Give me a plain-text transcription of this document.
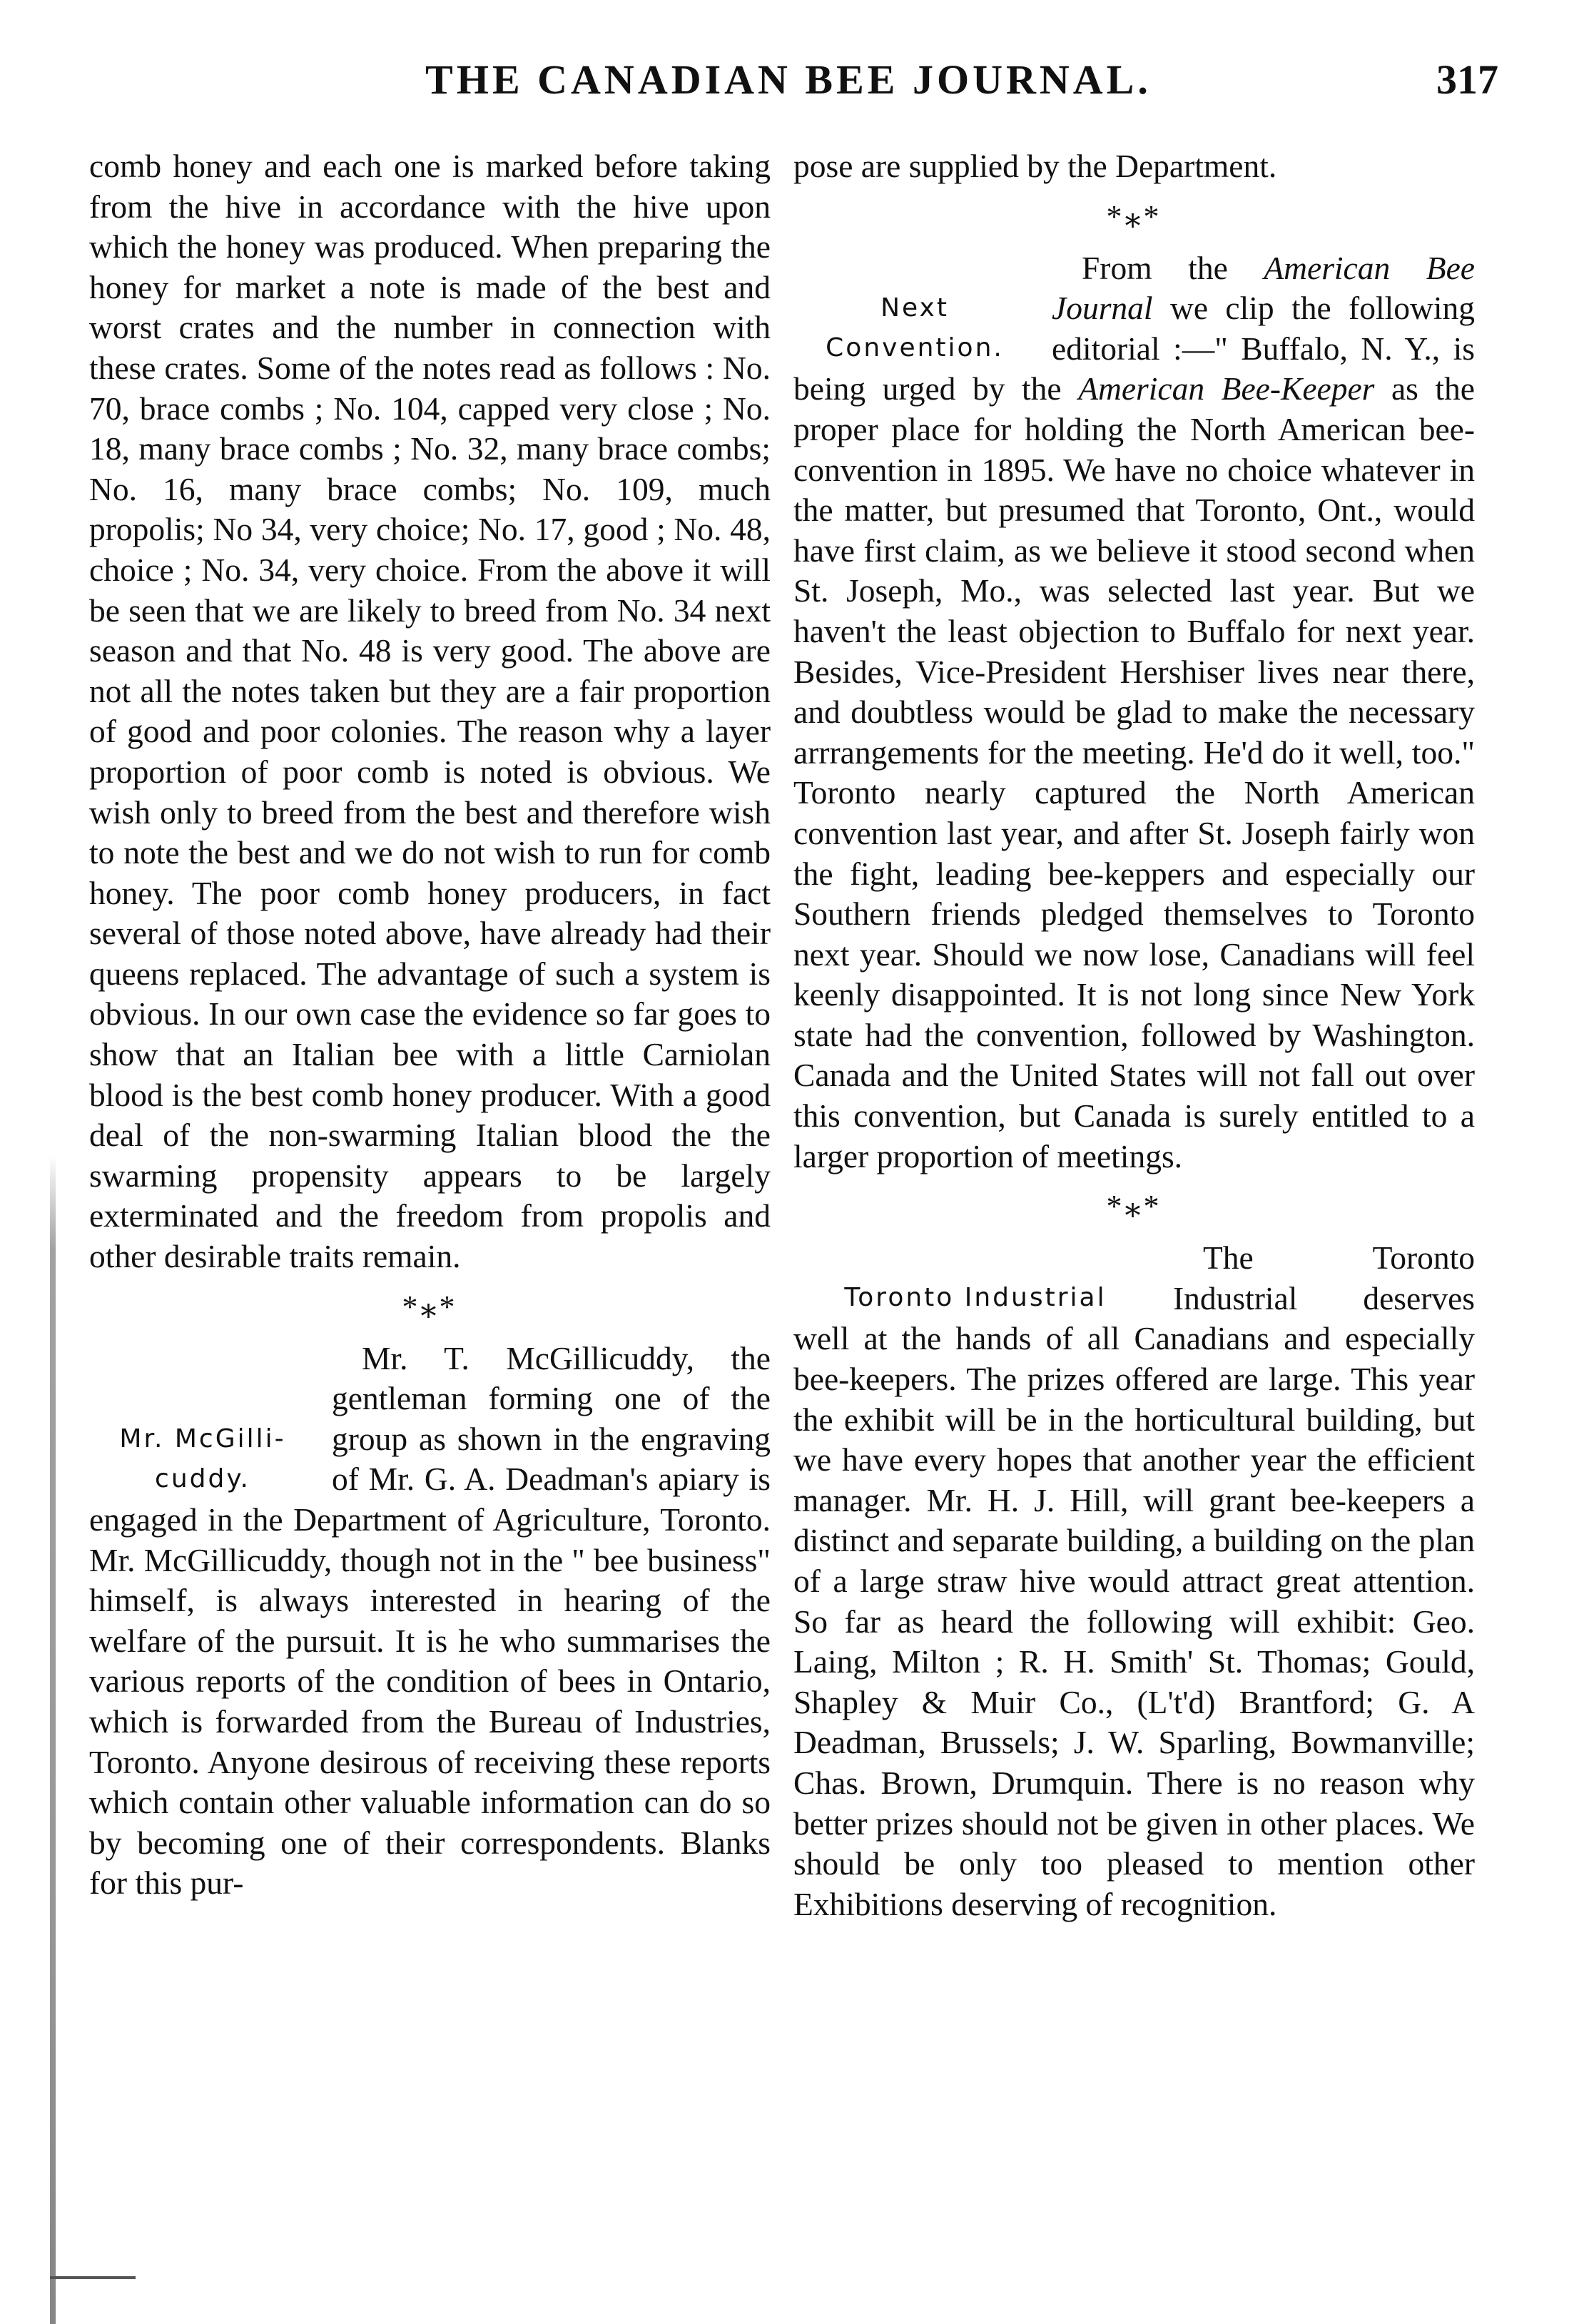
THE CANADIAN BEE JOURNAL.	317

comb honey and each one is marked before taking from the hive in accordance with the hive upon which the honey was produced. When preparing the honey for market a note is made of the best and worst crates and the number in connection with these crates. Some of the notes read as follows : No. 70, brace combs ; No. 104, capped very close ; No. 18, many brace combs ; No. 32, many brace combs; No. 16, many brace combs; No. 109, much propolis; No 34, very choice; No. 17, good ; No. 48, choice ; No. 34, very choice. From the above it will be seen that we are likely to breed from No. 34 next season and that No. 48 is very good. The above are not all the notes taken but they are a fair proportion of good and poor colonies. The reason why a layer proportion of poor comb is noted is obvious. We wish only to breed from the best and therefore wish to note the best and we do not wish to run for comb honey. The poor comb honey producers, in fact several of those noted above, have already had their queens replaced. The advantage of such a system is obvious. In our own case the evidence so far goes to show that an Italian bee with a little Carniolan blood is the best comb honey producer. With a good deal of the non-swarming Italian blood the the swarming propensity appears to be largely exterminated and the freedom from propolis and other desirable traits remain.

*⁎*
Mr. McGilli-
cuddy.

Mr. T. McGillicuddy, the gentleman forming one of the group as shown in the engraving of Mr. G. A. Deadman's apiary is engaged in the Department of Agriculture, Toronto. Mr. McGillicuddy, though not in the " bee business" himself, is always interested in hearing of the welfare of the pursuit. It is he who summarises the various reports of the condition of bees in Ontario, which is forwarded from the Bureau of Industries, Toronto. Anyone desirous of receiving these reports which contain other valuable information can do so by becoming one of their correspondents. Blanks for this pur-

pose are supplied by the Department.

*⁎*
Next
Convention.

From the American Bee Journal we clip the following editorial :—" Buffalo, N. Y., is being urged by the American Bee-Keeper as the proper place for holding the North American bee-convention in 1895. We have no choice whatever in the matter, but presumed that Toronto, Ont., would have first claim, as we believe it stood second when St. Joseph, Mo., was selected last year. But we haven't the least objection to Buffalo for next year. Besides, Vice-President Hershiser lives near there, and doubtless would be glad to make the necessary arrrangements for the meeting. He'd do it well, too." Toronto nearly captured the North American convention last year, and after St. Joseph fairly won the fight, leading bee-keppers and especially our Southern friends pledged themselves to Toronto next year. Should we now lose, Canadians will feel keenly disappointed. It is not long since New York state had the convention, followed by Washington. Canada and the United States will not fall out over this convention, but Canada is surely entitled to a larger proportion of meetings.

*⁎*
Toronto Industrial

The Toronto Industrial deserves well at the hands of all Canadians and especially bee-keepers. The prizes offered are large. This year the exhibit will be in the horticultural building, but we have every hopes that another year the efficient manager. Mr. H. J. Hill, will grant bee-keepers a distinct and separate building, a building on the plan of a large straw hive would attract great attention. So far as heard the following will exhibit: Geo. Laing, Milton ; R. H. Smith' St. Thomas; Gould, Shapley & Muir Co., (L't'd) Brantford; G. A Deadman, Brussels; J. W. Sparling, Bowmanville; Chas. Brown, Drumquin. There is no reason why better prizes should not be given in other places. We should be only too pleased to mention other Exhibitions deserving of recognition.
